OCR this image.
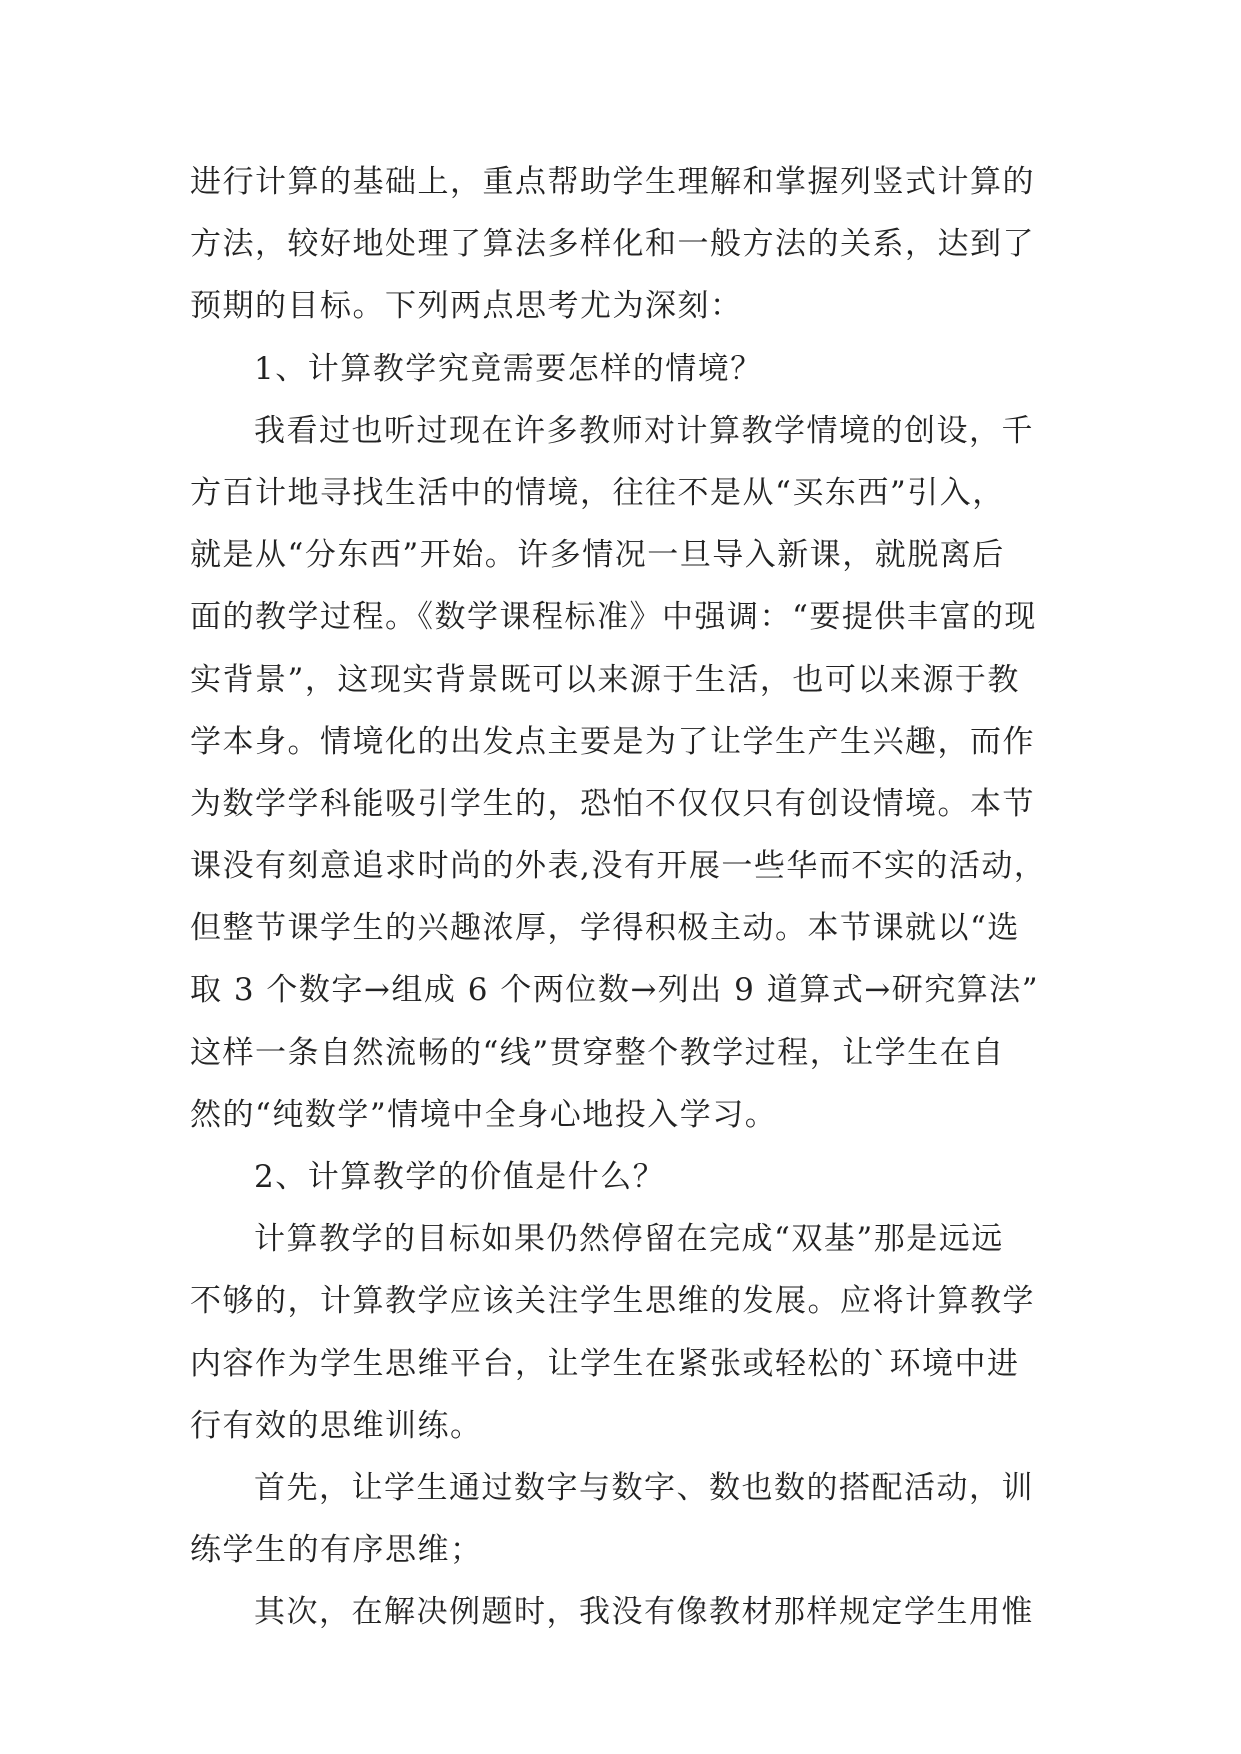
进行计算的基础上，重点帮助学生理解和掌握列竖式计算的
方法，较好地处理了算法多样化和一般方法的关系，达到了
预期的目标。下列两点思考尤为深刻：
1、计算教学究竟需要怎样的情境？
我看过也听过现在许多教师对计算教学情境的创设，千
方百计地寻找生活中的情境，往往不是从“买东西”引入，
就是从“分东西”开始。许多情况一旦导入新课，就脱离后
面的教学过程。《数学课程标准》中强调：“要提供丰富的现
实背景”，这现实背景既可以来源于生活，也可以来源于教
学本身。情境化的出发点主要是为了让学生产生兴趣，而作
为数学学科能吸引学生的，恐怕不仅仅只有创设情境。本节
课没有刻意追求时尚的外表,没有开展一些华而不实的活动，
但整节课学生的兴趣浓厚，学得积极主动。本节课就以“选
取 3 个数字→组成 6 个两位数→列出 9 道算式→研究算法”
这样一条自然流畅的“线”贯穿整个教学过程，让学生在自
然的“纯数学”情境中全身心地投入学习。
2、计算教学的价值是什么？
计算教学的目标如果仍然停留在完成“双基”那是远远
不够的，计算教学应该关注学生思维的发展。应将计算教学
内容作为学生思维平台，让学生在紧张或轻松的`环境中进
行有效的思维训练。
首先，让学生通过数字与数字、数也数的搭配活动，训
练学生的有序思维；
其次，在解决例题时，我没有像教材那样规定学生用惟
